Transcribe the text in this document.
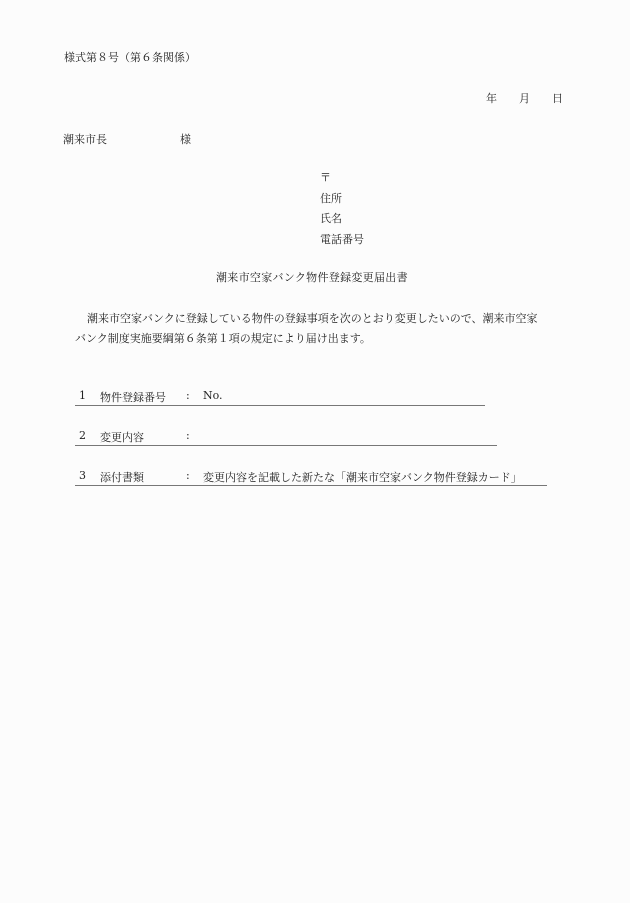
様式第８号（第６条関係）
年 月 日
潮来市長	様
〒
住所
氏名
電話番号
潮来市空家バンク物件登録変更届出書
潮来市空家バンクに登録している物件の登録事項を次のとおり変更したいので、潮来市空家
バンク制度実施要綱第６条第１項の規定により届け出ます。
1 物件登録番号 : No.
2 変更内容	:
3 添付書類	: 変更内容を記載した新たな「潮来市空家バンク物件登録カード」
